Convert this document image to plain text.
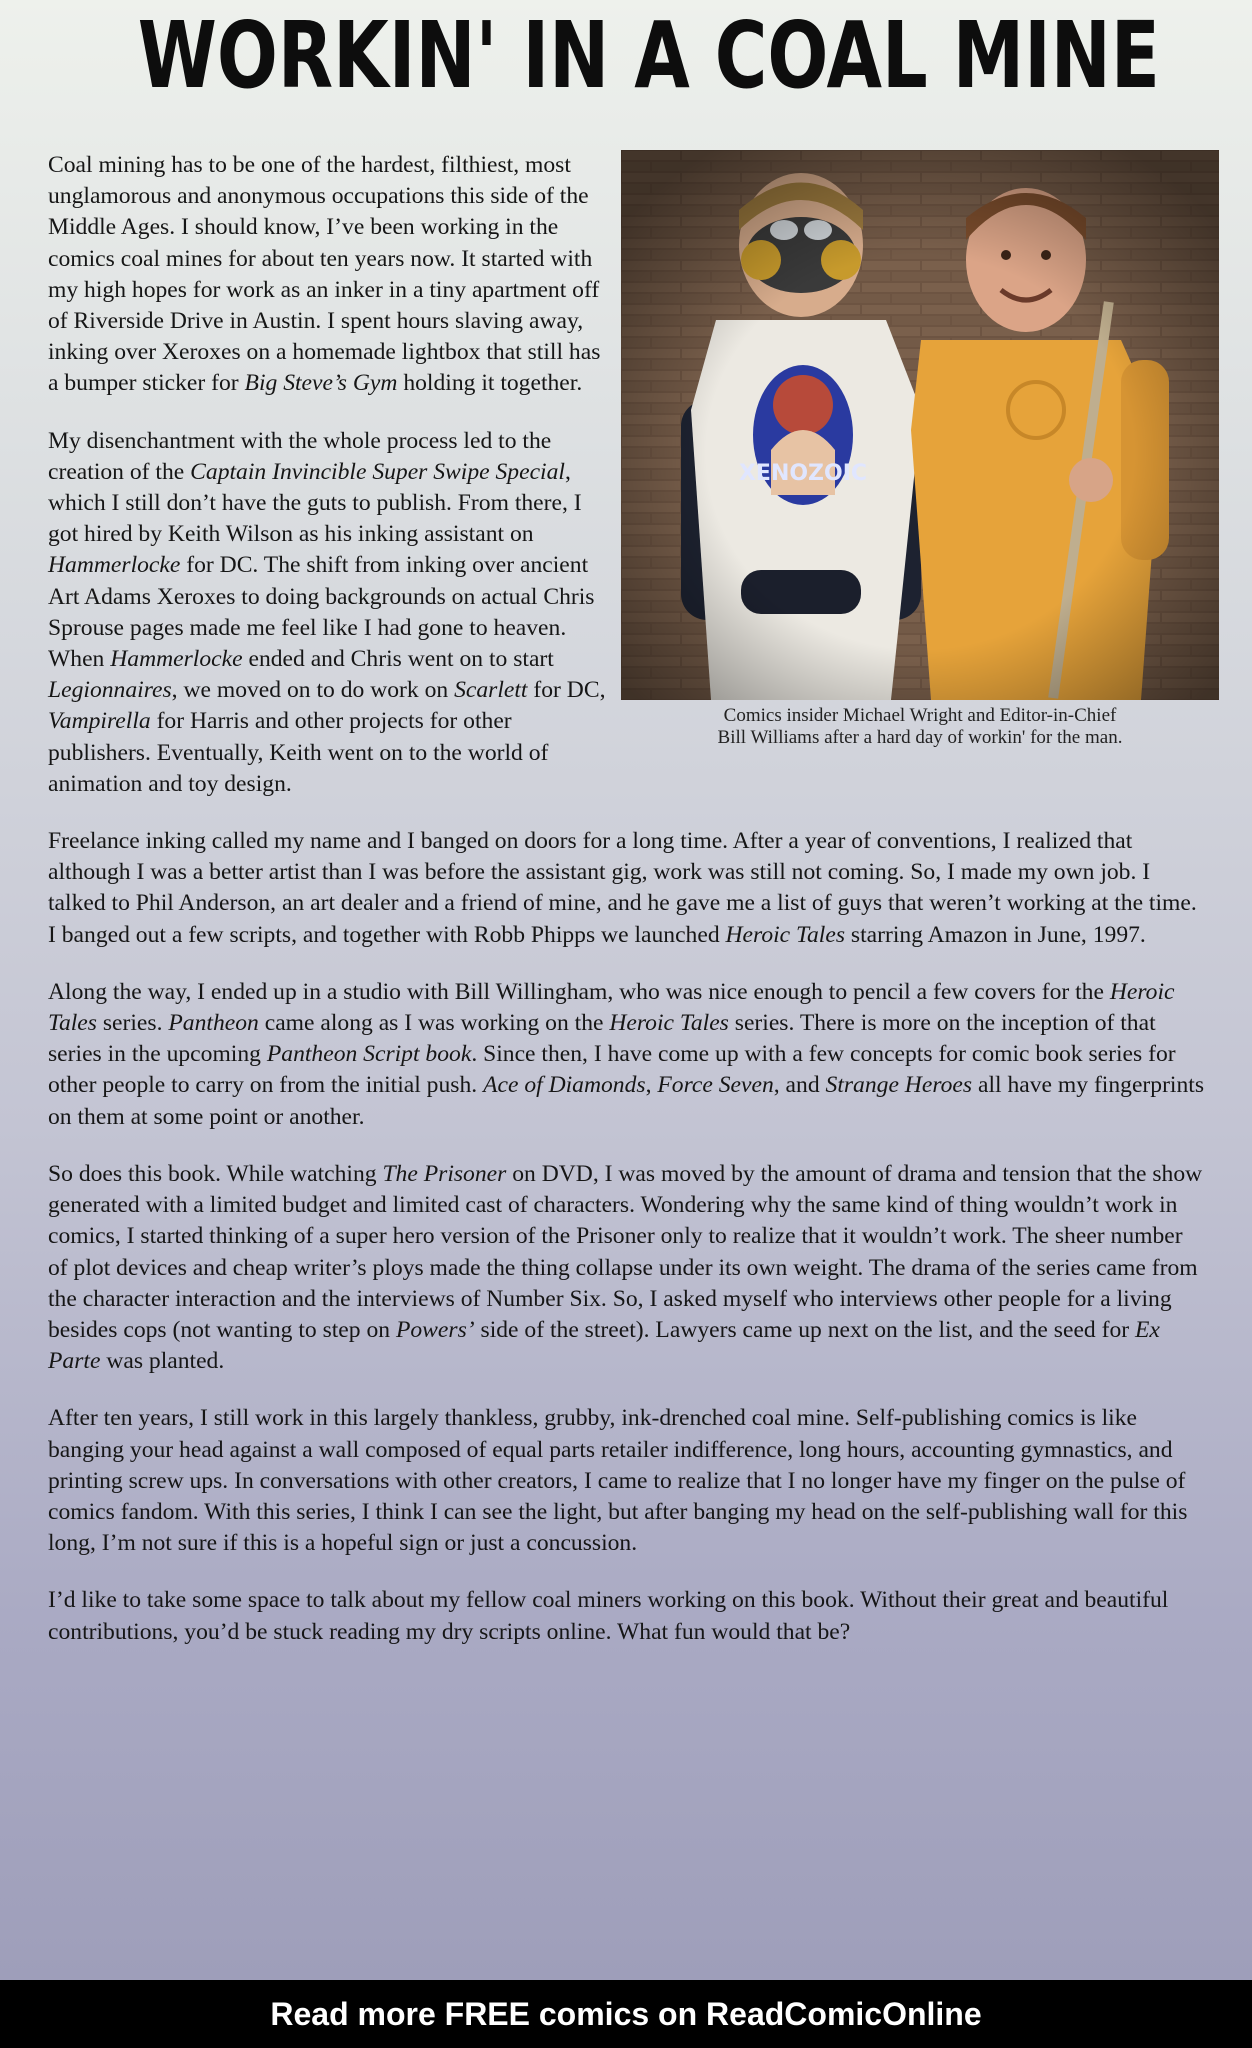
WORKIN' IN A COAL MINE
Comics insider Michael Wright and Editor-in-Chief
Bill Williams after a hard day of workin' for the man.

Coal mining has to be one of the hardest, filthiest, most unglamorous and anonymous occupations this side of the Middle Ages. I should know, I’ve been working in the comics coal mines for about ten years now. It started with my high hopes for work as an inker in a tiny apartment off of Riverside Drive in Austin. I spent hours slaving away, inking over Xeroxes on a homemade lightbox that still has a bumper sticker for Big Steve’s Gym holding it together.

My disenchantment with the whole process led to the creation of the Captain Invincible Super Swipe Special, which I still don’t have the guts to publish. From there, I got hired by Keith Wilson as his inking assistant on Hammerlocke for DC. The shift from inking over ancient Art Adams Xeroxes to doing backgrounds on actual Chris Sprouse pages made me feel like I had gone to heaven. When Hammerlocke ended and Chris went on to start Legionnaires, we moved on to do work on Scarlett for DC, Vampirella for Harris and other projects for other publishers. Eventually, Keith went on to the world of animation and toy design.

Freelance inking called my name and I banged on doors for a long time. After a year of conventions, I realized that although I was a better artist than I was before the assistant gig, work was still not coming. So, I made my own job. I talked to Phil Anderson, an art dealer and a friend of mine, and he gave me a list of guys that weren’t working at the time. I banged out a few scripts, and together with Robb Phipps we launched Heroic Tales starring Amazon in June, 1997.

Along the way, I ended up in a studio with Bill Willingham, who was nice enough to pencil a few covers for the Heroic Tales series. Pantheon came along as I was working on the Heroic Tales series. There is more on the inception of that series in the upcoming Pantheon Script book. Since then, I have come up with a few concepts for comic book series for other people to carry on from the initial push. Ace of Diamonds, Force Seven, and Strange Heroes all have my fingerprints on them at some point or another.

So does this book. While watching The Prisoner on DVD, I was moved by the amount of drama and tension that the show generated with a limited budget and limited cast of characters. Wondering why the same kind of thing wouldn’t work in comics, I started thinking of a super hero version of the Prisoner only to realize that it wouldn’t work. The sheer number of plot devices and cheap writer’s ploys made the thing collapse under its own weight. The drama of the series came from the character interaction and the interviews of Number Six. So, I asked myself who interviews other people for a living besides cops (not wanting to step on Powers’ side of the street). Lawyers came up next on the list, and the seed for Ex Parte was planted.

After ten years, I still work in this largely thankless, grubby, ink-drenched coal mine. Self-publishing comics is like banging your head against a wall composed of equal parts retailer indifference, long hours, accounting gymnastics, and printing screw ups. In conversations with other creators, I came to realize that I no longer have my finger on the pulse of comics fandom. With this series, I think I can see the light, but after banging my head on the self-publishing wall for this long, I’m not sure if this is a hopeful sign or just a concussion.

I’d like to take some space to talk about my fellow coal miners working on this book. Without their great and beautiful contributions, you’d be stuck reading my dry scripts online. What fun would that be?

Read more FREE comics on ReadComicOnline
